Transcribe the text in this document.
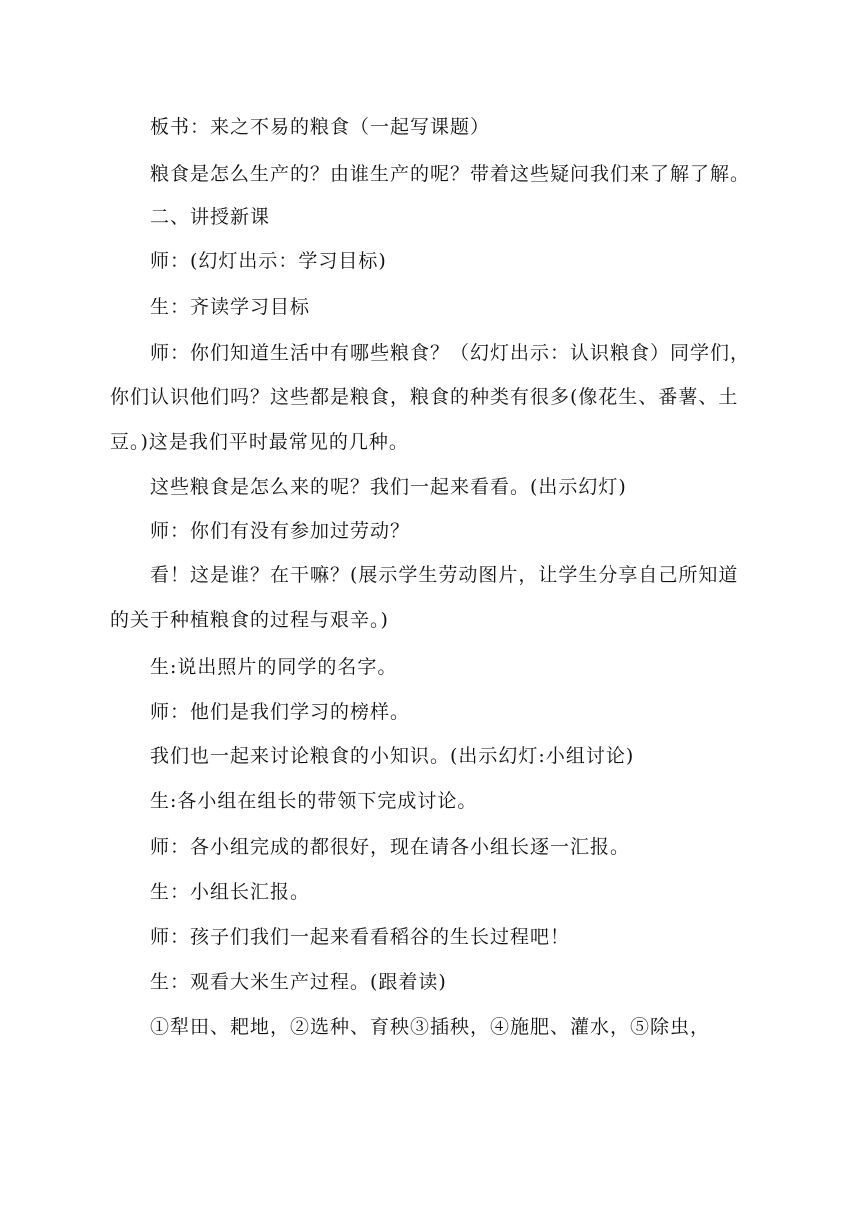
板书：来之不易的粮食（一起写课题）
粮食是怎么生产的？由谁生产的呢？带着这些疑问我们来了解了解。
二、讲授新课
师：(幻灯出示：学习目标)
生：齐读学习目标
师：你们知道生活中有哪些粮食？（幻灯出示：认识粮食）同学们，
你们认识他们吗？这些都是粮食，粮食的种类有很多(像花生、番薯、土
豆。)这是我们平时最常见的几种。
这些粮食是怎么来的呢？我们一起来看看。(出示幻灯)
师：你们有没有参加过劳动？
看！这是谁？在干嘛？(展示学生劳动图片，让学生分享自己所知道
的关于种植粮食的过程与艰辛。)
生:说出照片的同学的名字。
师：他们是我们学习的榜样。
我们也一起来讨论粮食的小知识。(出示幻灯:小组讨论)
生:各小组在组长的带领下完成讨论。
师：各小组完成的都很好，现在请各小组长逐一汇报。
生：小组长汇报。
师：孩子们我们一起来看看稻谷的生长过程吧！
生：观看大米生产过程。(跟着读)
①犁田、耙地，②选种、育秧③插秧，④施肥、灌水，⑤除虫，
